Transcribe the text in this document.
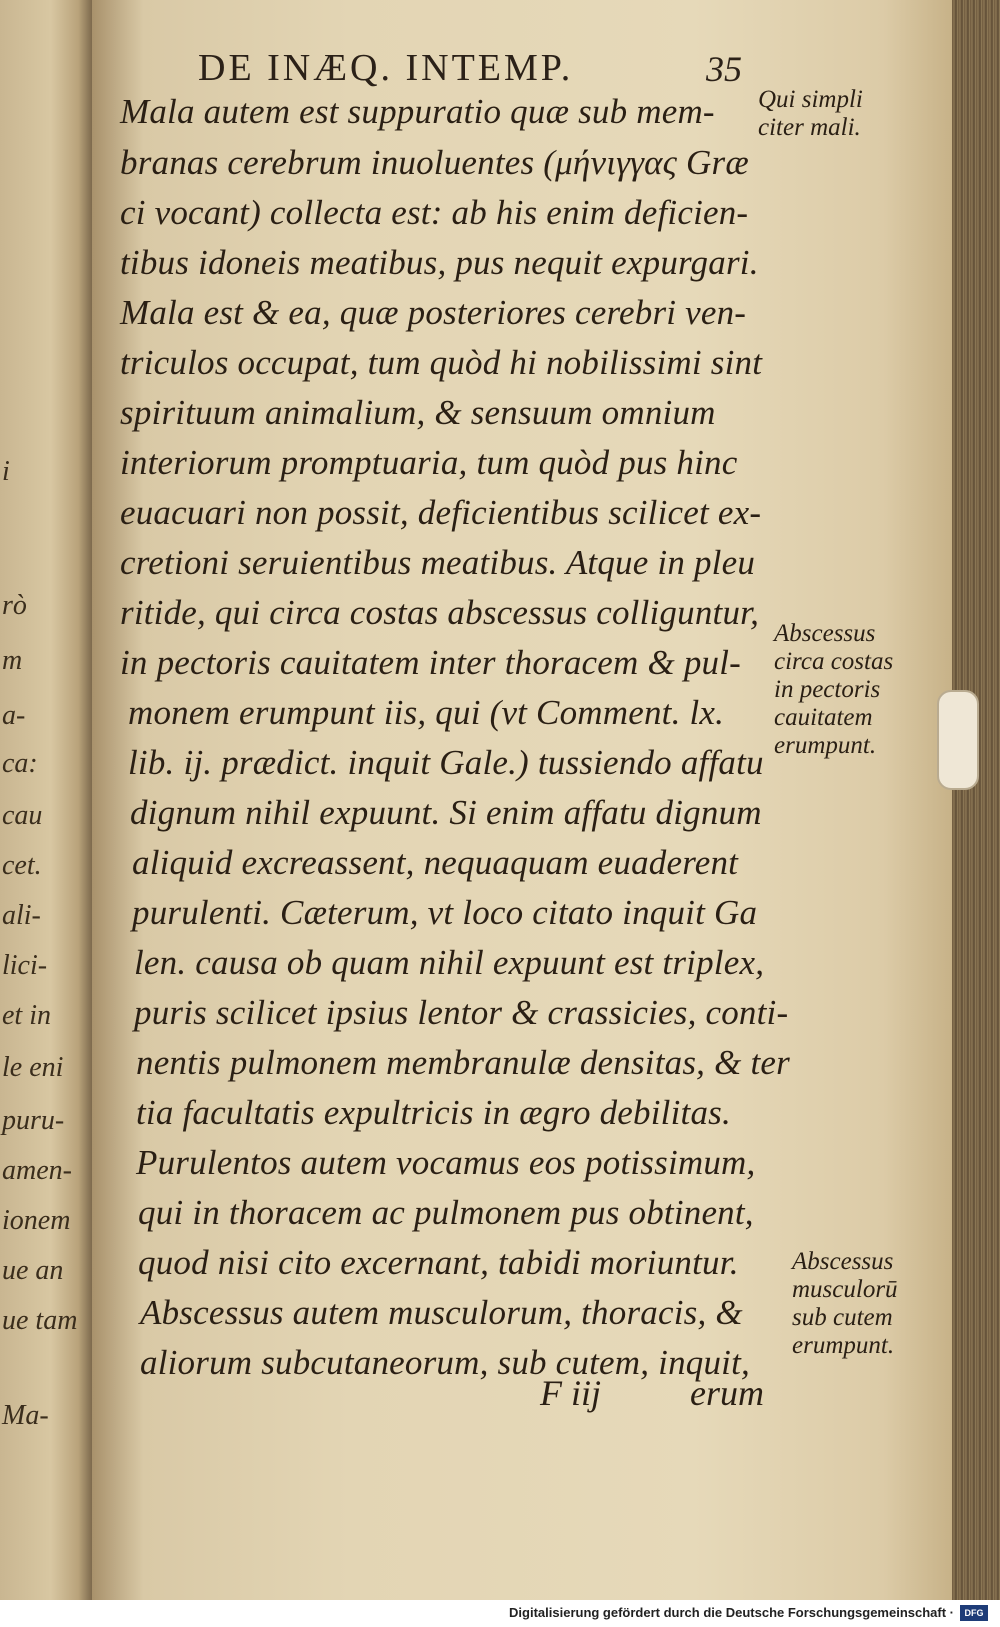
i
rò
m
a-
ca:
cau
cet.
ali-
lici-
et in
le eni
puru-
amen-
ionem
ue an
ue tam
Ma-
DE INÆQ. INTEMP.	35
Mala autem est suppuratio quæ sub mem-
branas cerebrum inuoluentes (μήνιγγας Græ
ci vocant) collecta est: ab his enim deficien-
tibus idoneis meatibus, pus nequit expurgari.
Mala est & ea, quæ posteriores cerebri ven-
triculos occupat, tum quòd hi nobilissimi sint
spirituum animalium, & sensuum omnium
interiorum promptuaria, tum quòd pus hinc
euacuari non possit, deficientibus scilicet ex-
cretioni seruientibus meatibus. Atque in pleu
ritide, qui circa costas abscessus colliguntur,
in pectoris cauitatem inter thoracem & pul-
monem erumpunt iis, qui (vt Comment. lx.
lib. ij. prædict. inquit Gale.) tussiendo affatu
dignum nihil expuunt. Si enim affatu dignum
aliquid excreassent, nequaquam euaderent
purulenti. Cæterum, vt loco citato inquit Ga
len. causa ob quam nihil expuunt est triplex,
puris scilicet ipsius lentor & crassicies, conti-
nentis pulmonem membranulæ densitas, & ter
tia facultatis expultricis in ægro debilitas.
Purulentos autem vocamus eos potissimum,
qui in thoracem ac pulmonem pus obtinent,
quod nisi cito excernant, tabidi moriuntur.
Abscessus autem musculorum, thoracis, &
aliorum subcutaneorum, sub cutem, inquit,
Qui simpli
citer mali.
Abscessus
circa costas
in pectoris
cauitatem
erumpunt.
Abscessus
musculorū
sub cutem
erumpunt.
F iij erum
Digitalisierung gefördert durch die Deutsche Forschungsgemeinschaft ·	DFG
